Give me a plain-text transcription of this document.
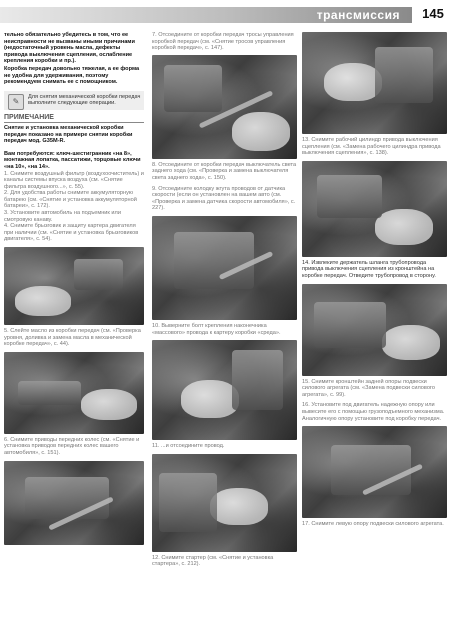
трансмиссия	145

тельно обязательно убедитесь в том, что ее неисправности не вызваны иными причинами (недостаточный уровень масла, дефекты привода выключения сцепления, ослабление крепления коробки и пр.).

Коробка передач довольно тяжелая, а ее форма не удобна для удерживания, поэтому рекомендуем снимать ее с помощником.

✎	Для снятия механической коробки передач выполните следующие операции.

ПРИМЕЧАНИЕ

Снятие и установка механической коробки передач показано на примере снятии коробки передач мод. G35M-R.

Вам потребуются: ключ-шестигранник «на 8», монтажная лопатка, пассатижи, торцовые ключи «на 10», «на 14».

1. Снимите воздушный фильтр (воздухоочиститель) и каналы системы впуска воздуха (см. «Снятие фильтра воздушного...», с. 55).

2. Для удобства работы снимите аккумуляторную батарею (см. «Снятие и установка аккумуляторной батареи», с. 172).

3. Установите автомобиль на подъемник или смотровую канаву.

4. Снимите брызговик и защиту картера двигателя при наличии (см. «Снятие и установка брызговиков двигателя», с. 54).

5. Слейте масло из коробки передач (см. «Проверка уровня, доливка и замена масла в механической коробке передач», с. 44).

6. Снимите приводы передних колес (см. «Снятие и установка приводов передних колес вашего автомобиля», с. 151).

7. Отсоедините от коробки передач тросы управления коробкой передач (см. «Снятие тросов управления коробкой передач», с. 147).

8. Отсоедините от коробки передач выключатель света заднего хода (см. «Проверка и замена выключателя света заднего хода», с. 150).

9. Отсоедините колодку жгута проводов от датчика скорости (если он установлен на вашем авто (см. «Проверка и замена датчика скорости автомобиля», с. 227).

10. Выверните болт крепления наконечника «массового» провода к картеру коробки «среда».

11. ...и отсоедините провод.

12. Снимите стартер (см. «Снятие и установка стартера», с. 212).

13. Снимите рабочий цилиндр привода выключения сцепления (см. «Замена рабочего цилиндра привода выключения сцепления», с. 138).

14. Извлеките держатель шланга трубопровода привода выключения сцепления из кронштейна на коробке передач. Отведите трубопровод в сторону.

15. Снимите кронштейн задней опоры подвески силового агрегата (см. «Замена подвески силового агрегата», с. 99).

16. Установите под двигатель надежную опору или вывесите его с помощью грузоподъемного механизма. Аналогичную опору установите под коробку передач.

17. Снимите левую опору подвески силового агрегата.
